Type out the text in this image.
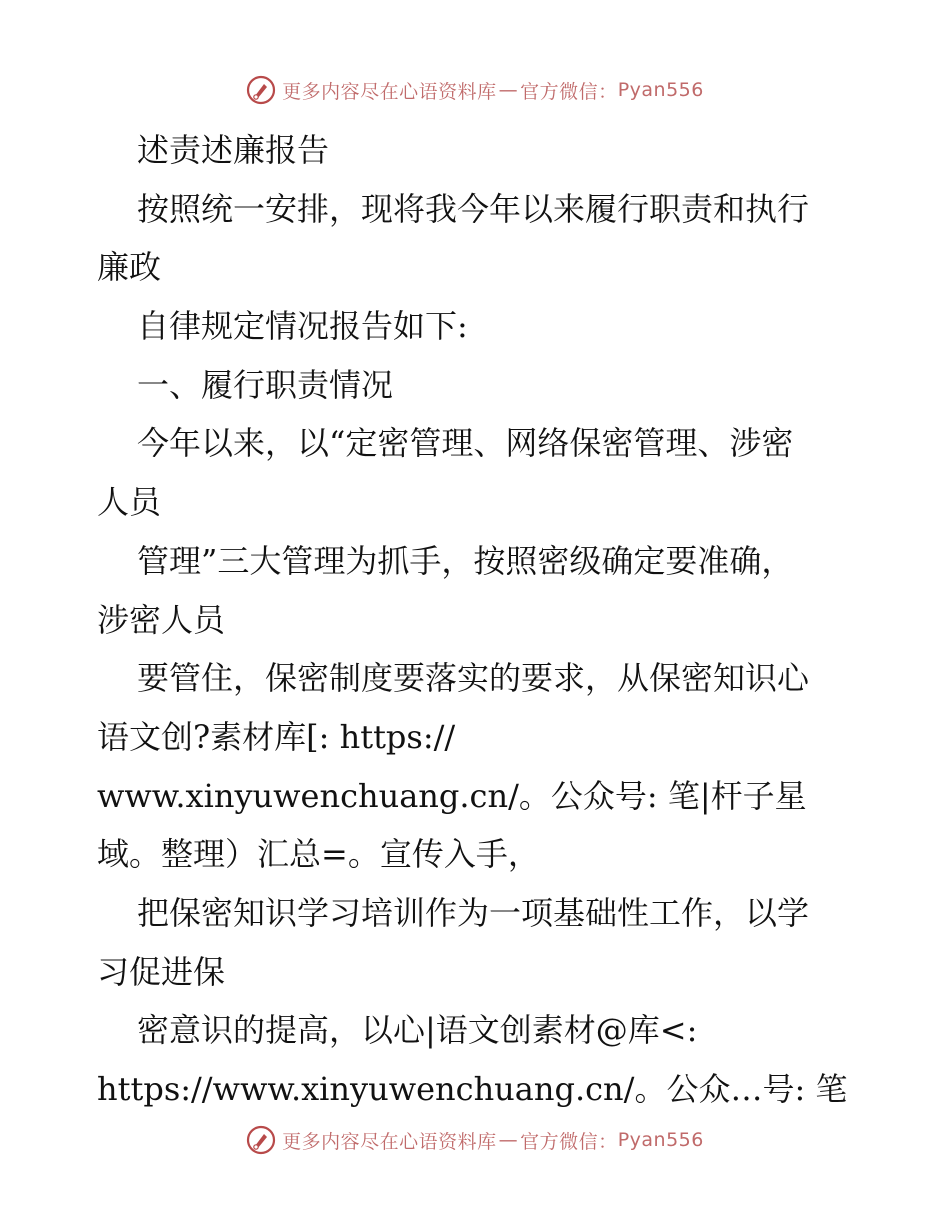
更多内容尽在心语资料库 — 官方微信： Pyan556
述责述廉报告
按照统一安排，现将我今年以来履行职责和执行
廉政
自律规定情况报告如下:
一、履行职责情况
今年以来，以“定密管理、网络保密管理、涉密
人员
管理”三大管理为抓手，按照密级确定要准确，
涉密人员
要管住，保密制度要落实的要求，从保密知识心
语文创?素材库[: https://
www.xinyuwenchuang.cn/。公众号: 笔|杆子星
域。整理）汇总=。宣传入手，
把保密知识学习培训作为一项基础性工作，以学
习促进保
密意识的提高，以心|语文创素材@库<:
https://www.xinyuwenchuang.cn/。公众…号: 笔
更多内容尽在心语资料库 — 官方微信： Pyan556
